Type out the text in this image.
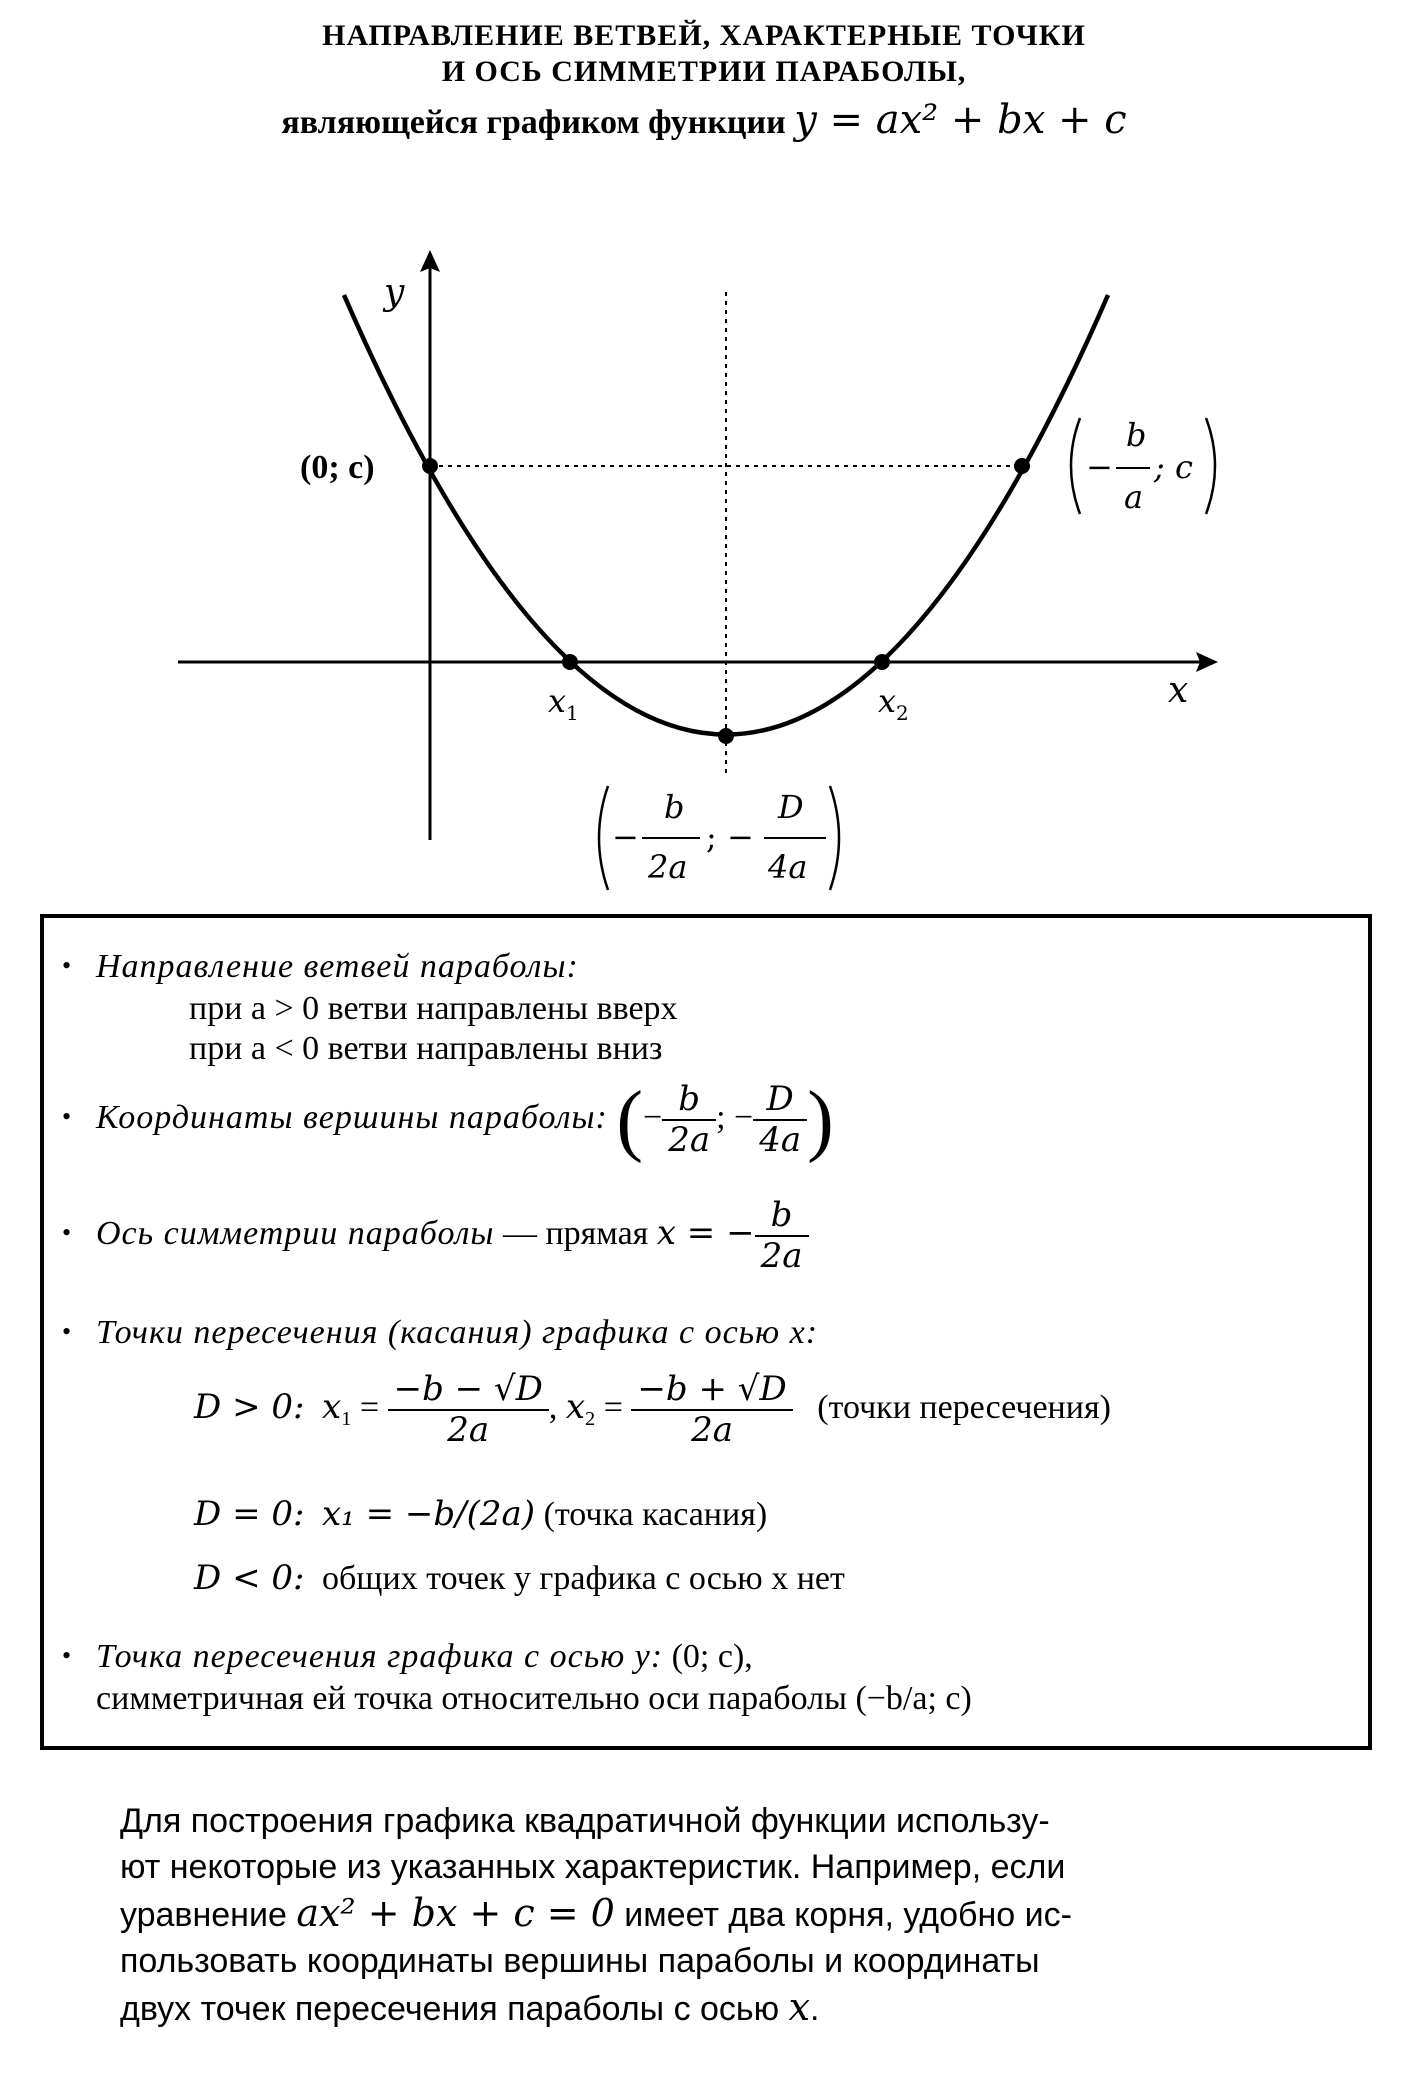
НАПРАВЛЕНИЕ ВЕТВЕЙ, ХАРАКТЕРНЫЕ ТОЧКИ
И ОСЬ СИММЕТРИИ ПАРАБОЛЫ,
являющейся графиком функции y = ax² + bx + c
y
x
(0; c)
$x_1$	$x_2$
−
b
a
; c
−
b
2a
; −
D
4a
• Направление ветвей параболы:
при a > 0 ветви направлены вверх
при a < 0 ветви направлены вниз
• Координаты вершины параболы: (− $\frac{b}{2a}$ ; − $\frac{D}{4a}$ )
• Ось симметрии параболы — прямая x = − $\frac{b}{2a}$
• Точки пересечения (касания) графика с осью x:
D > 0: $x_1 = \frac{-b - √D}{2a}$ , $x_2 = \frac{-b + √D}{2a}$ (точки пересечения)
D = 0: x₁ = −b/(2a) (точка касания)
D < 0: общих точек у графика с осью x нет
• Точка пересечения графика с осью y: (0; c),
симметричная ей точка относительно оси параболы (−b/a; c)
Для построения графика квадратичной функции использу-
ют некоторые из указанных характеристик. Например, если
уравнение ax² + bx + c = 0 имеет два корня, удобно ис-
пользовать координаты вершины параболы и координаты
двух точек пересечения параболы с осью x.
